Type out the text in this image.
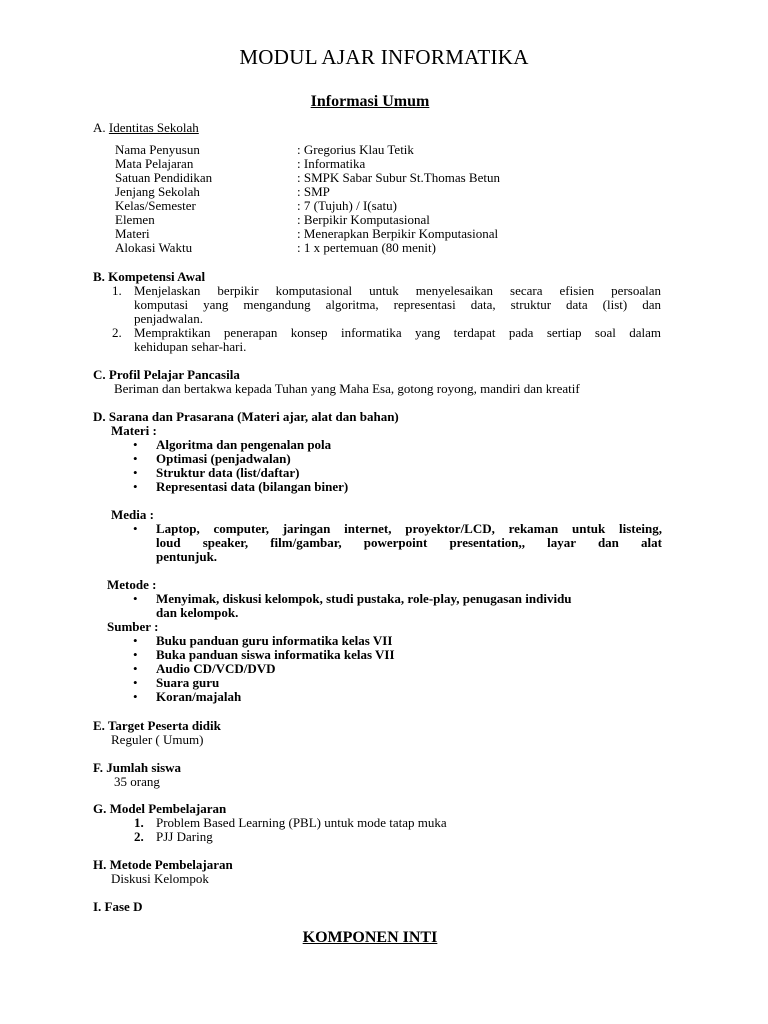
MODUL AJAR INFORMATIKA
Informasi Umum
A. Identitas Sekolah
Nama Penyusun	: Gregorius Klau Tetik
Mata Pelajaran	: Informatika
Satuan Pendidikan	: SMPK Sabar Subur St.Thomas Betun
Jenjang Sekolah	: SMP
Kelas/Semester	: 7 (Tujuh) / I(satu)
Elemen	: Berpikir Komputasional
Materi	: Menerapkan Berpikir Komputasional
Alokasi Waktu	: 1 x pertemuan (80 menit)
B. Kompetensi Awal
1. Menjelaskan berpikir komputasional untuk menyelesaikan secara efisien persoalan
komputasi yang mengandung algoritma, representasi data, struktur data (list) dan
penjadwalan.
2. Mempraktikan penerapan konsep informatika yang terdapat pada sertiap soal dalam
kehidupan sehar-hari.
C. Profil Pelajar Pancasila
Beriman dan bertakwa kepada Tuhan yang Maha Esa, gotong royong, mandiri dan kreatif
D. Sarana dan Prasarana (Materi ajar, alat dan bahan)
Materi :
• Algoritma dan pengenalan pola
• Optimasi (penjadwalan)
• Struktur data (list/daftar)
• Representasi data (bilangan biner)
Media :
• Laptop, computer, jaringan internet, proyektor/LCD, rekaman untuk listeing,
loud speaker, film/gambar, powerpoint presentation,, layar dan alat
pentunjuk.
Metode :
• Menyimak, diskusi kelompok, studi pustaka, role-play, penugasan individu
dan kelompok.
Sumber :
• Buku panduan guru informatika kelas VII
• Buka panduan siswa informatika kelas VII
• Audio CD/VCD/DVD
• Suara guru
• Koran/majalah
E. Target Peserta didik
Reguler ( Umum)
F. Jumlah siswa
35 orang
G. Model Pembelajaran
1. Problem Based Learning (PBL) untuk mode tatap muka
2. PJJ Daring
H. Metode Pembelajaran
Diskusi Kelompok
I. Fase D
KOMPONEN INTI
